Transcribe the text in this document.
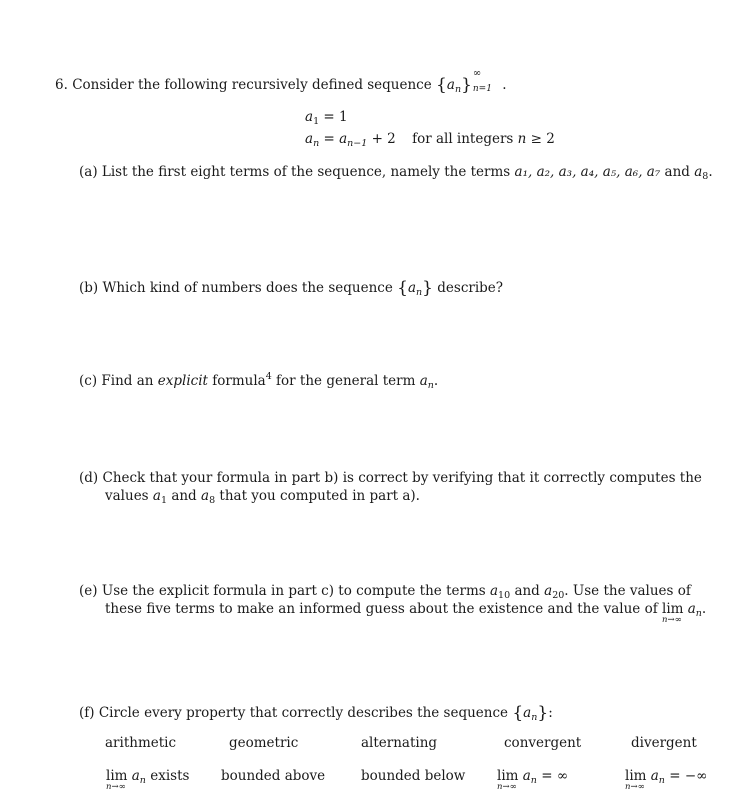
6. Consider the following recursively defined sequence $\{a_n\}$
∞
n=1 .
$a_1 = 1$
$a_n = a_{n-1} + 2$ for all integers n ≥ 2
(a) List the first eight terms of the sequence, namely the terms a₁, a₂, a₃, a₄, a₅, a₆, a₇ and $a_8$.
(b) Which kind of numbers does the sequence $\{a_n\}$ describe?
(c) Find an explicit formula$^4$ for the general term $a_n$.
(d) Check that your formula in part b) is correct by verifying that it correctly computes the
values $a_1$ and $a_8$ that you computed in part a).
(e) Use the explicit formula in part c) to compute the terms $a_{10}$ and $a_{20}$. Use the values of
these five terms to make an informed guess about the existence and the value of lim
n→∞
$a_n$.
(f) Circle every property that correctly describes the sequence $\{a_n\}$:
arithmetic	geometric	alternating	convergent	divergent
lim
n→∞
$a_n$ exists bounded above	bounded below lim
n→∞
$a_n$ = ∞	lim
n→∞
$a_n$ = −∞
